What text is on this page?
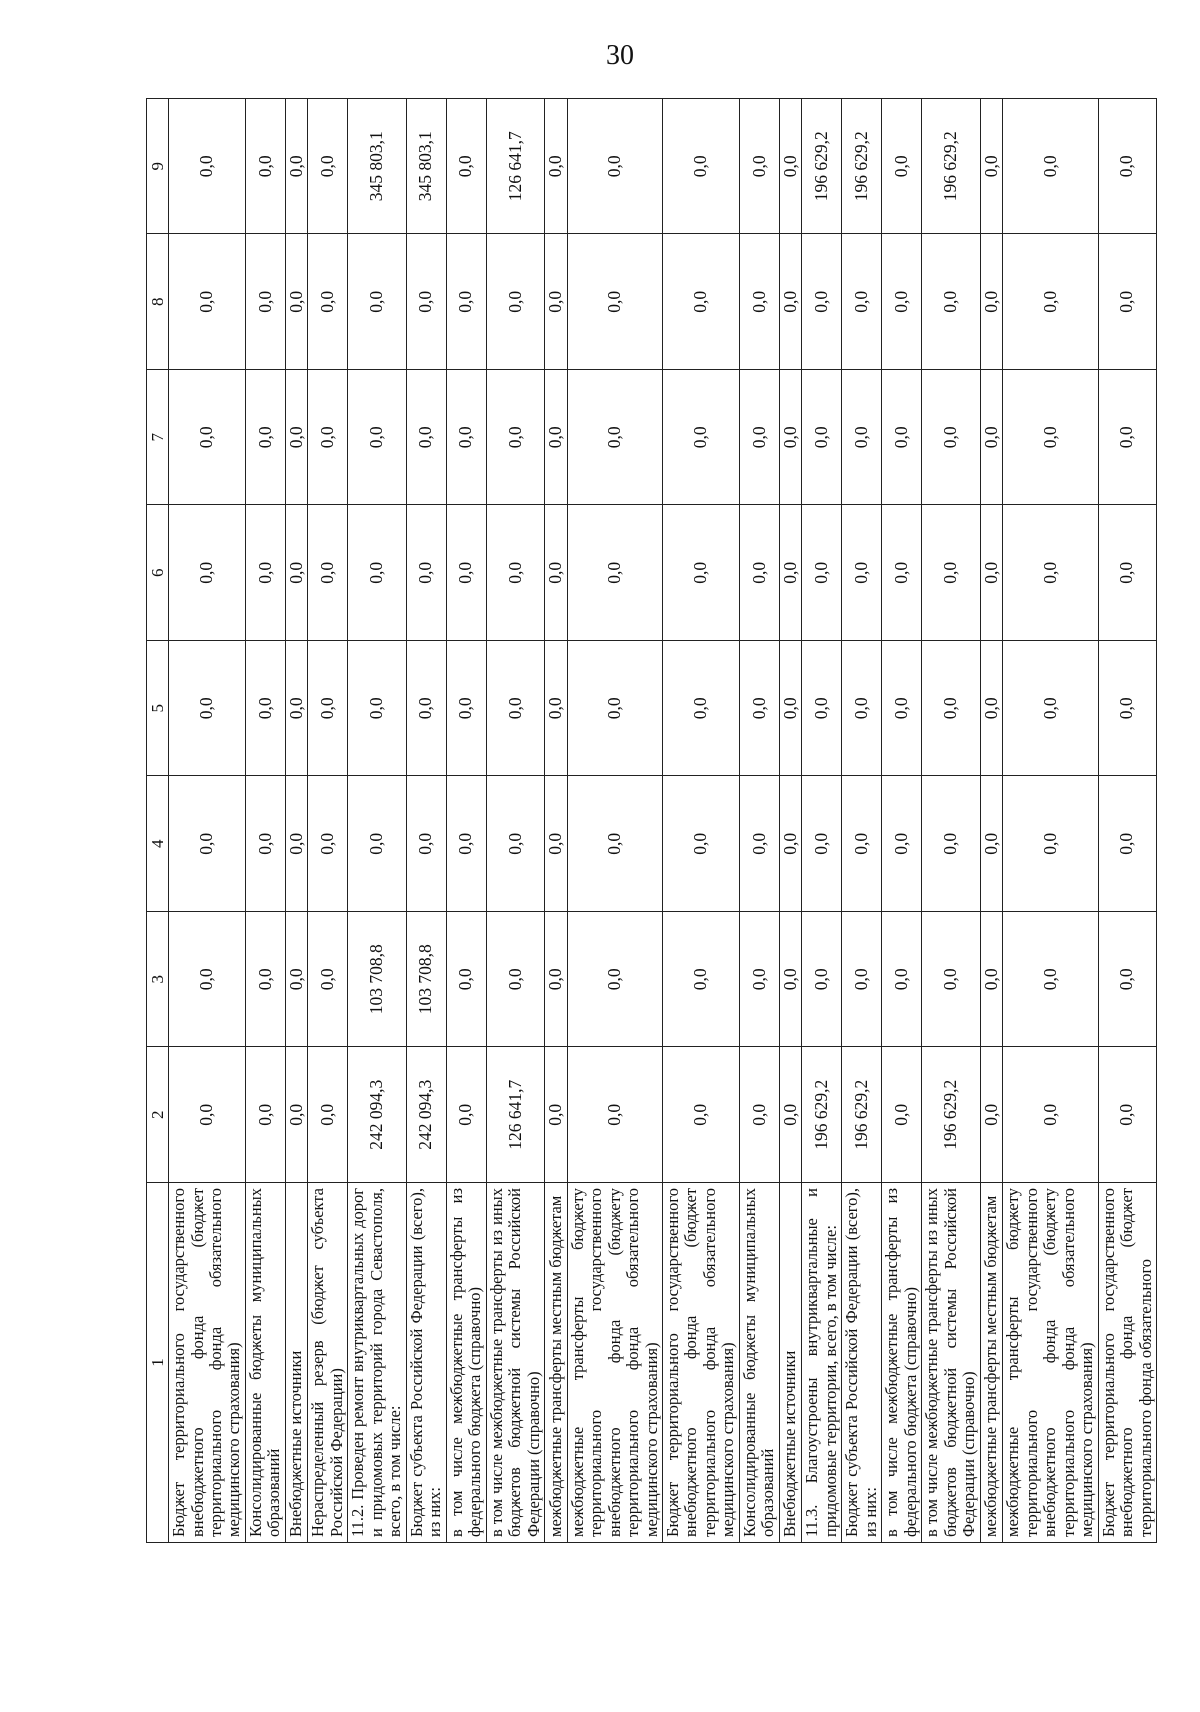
30
1	2	3	4	5	6	7	8	9
Бюджет территориального государственного внебюджетного фонда (бюджет территориального фонда обязательного медицинского страхования)	0,0	0,0	0,0	0,0	0,0	0,0	0,0	0,0
Консолидированные бюджеты муниципальных образований	0,0	0,0	0,0	0,0	0,0	0,0	0,0	0,0
Внебюджетные источники	0,0	0,0	0,0	0,0	0,0	0,0	0,0	0,0
Нераспределенный резерв (бюджет субъекта Российской Федерации)	0,0	0,0	0,0	0,0	0,0	0,0	0,0	0,0
11.2. Проведен ремонт внутриквартальных дорог и придомовых территорий города Севастополя, всего, в том числе:	242 094,3	103 708,8	0,0	0,0	0,0	0,0	0,0	345 803,1
Бюджет субъекта Российской Федерации (всего), из них:	242 094,3	103 708,8	0,0	0,0	0,0	0,0	0,0	345 803,1
в том числе межбюджетные трансферты из федерального бюджета (справочно)	0,0	0,0	0,0	0,0	0,0	0,0	0,0	0,0
в том числе межбюджетные трансферты из иных бюджетов бюджетной системы Российской Федерации (справочно)	126 641,7	0,0	0,0	0,0	0,0	0,0	0,0	126 641,7
межбюджетные трансферты местным бюджетам	0,0	0,0	0,0	0,0	0,0	0,0	0,0	0,0
межбюджетные трансферты бюджету территориального государственного внебюджетного фонда (бюджету территориального фонда обязательного медицинского страхования)	0,0	0,0	0,0	0,0	0,0	0,0	0,0	0,0
Бюджет территориального государственного внебюджетного фонда (бюджет территориального фонда обязательного медицинского страхования)	0,0	0,0	0,0	0,0	0,0	0,0	0,0	0,0
Консолидированные бюджеты муниципальных образований	0,0	0,0	0,0	0,0	0,0	0,0	0,0	0,0
Внебюджетные источники	0,0	0,0	0,0	0,0	0,0	0,0	0,0	0,0
11.3. Благоустроены внутриквартальные и придомовые территории, всего, в том числе:	196 629,2	0,0	0,0	0,0	0,0	0,0	0,0	196 629,2
Бюджет субъекта Российской Федерации (всего), из них:	196 629,2	0,0	0,0	0,0	0,0	0,0	0,0	196 629,2
в том числе межбюджетные трансферты из федерального бюджета (справочно)	0,0	0,0	0,0	0,0	0,0	0,0	0,0	0,0
в том числе межбюджетные трансферты из иных бюджетов бюджетной системы Российской Федерации (справочно)	196 629,2	0,0	0,0	0,0	0,0	0,0	0,0	196 629,2
межбюджетные трансферты местным бюджетам	0,0	0,0	0,0	0,0	0,0	0,0	0,0	0,0
межбюджетные трансферты бюджету территориального государственного внебюджетного фонда (бюджету территориального фонда обязательного медицинского страхования)	0,0	0,0	0,0	0,0	0,0	0,0	0,0	0,0
Бюджет территориального государственного внебюджетного фонда (бюджет территориального фонда обязательного	0,0	0,0	0,0	0,0	0,0	0,0	0,0	0,0
